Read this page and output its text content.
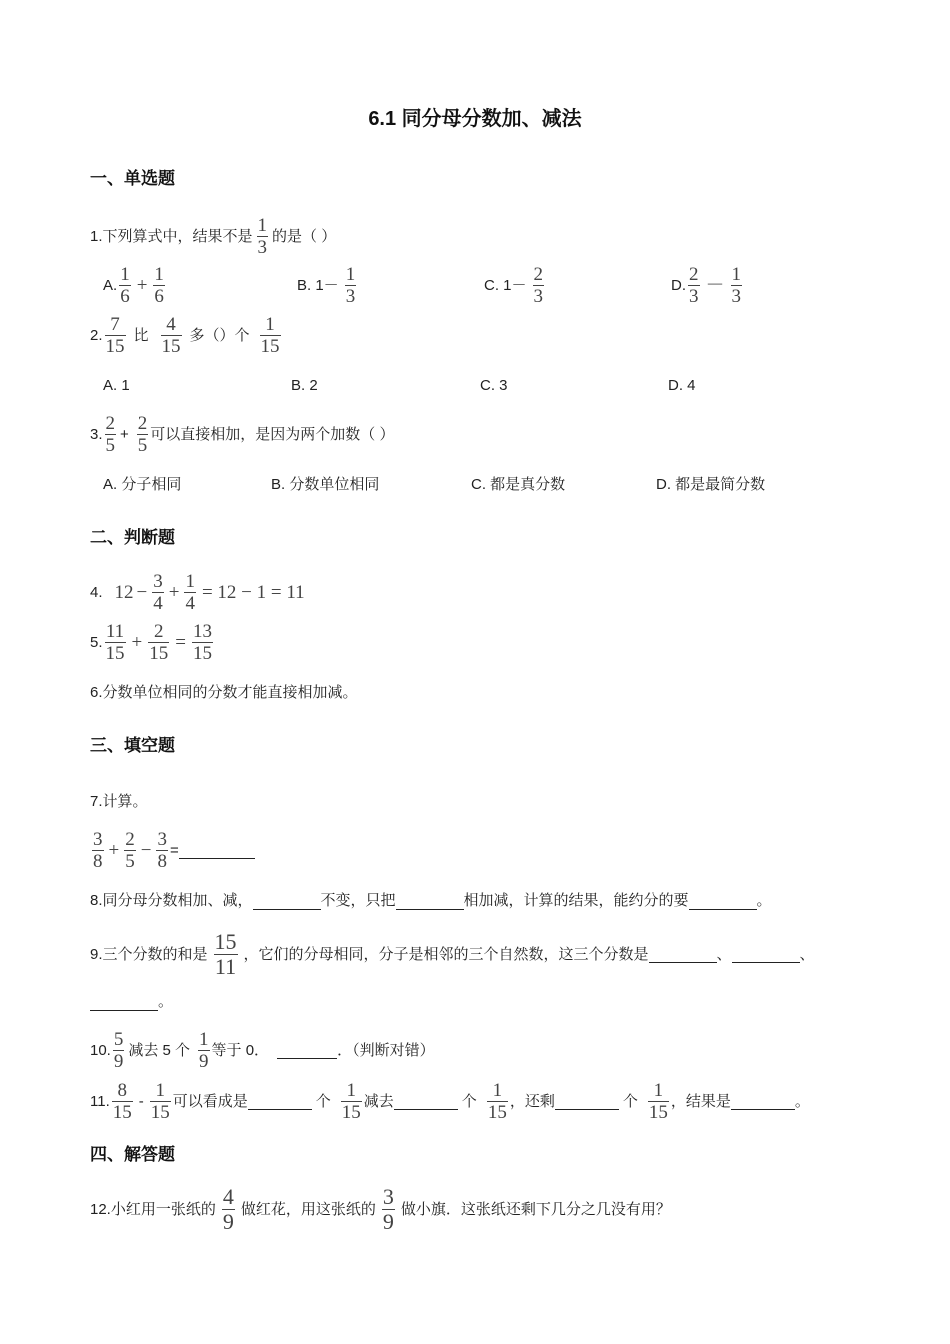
6.1 同分母分数加、减法
一、单选题
1. 下列算式中，结果不是 $\frac{1}{3}$ 的是（ ）
A. $\frac{1}{6} + \frac{1}{6}$	B. $1- \frac{1}{3}$	C. $1- \frac{2}{3}$	D. $\frac{2}{3} - \frac{1}{3}$
2. $\frac{7}{15}$ 比 $\frac{4}{15}$ 多（）个 $\frac{1}{15}$
A. 1	B. 2	C. 3	D. 4
3. $\frac{2}{5} + \frac{2}{5}$ 可以直接相加，是因为两个加数（ ）
A. 分子相同	B. 分数单位相同	C. 都是真分数	D. 都是最简分数
二、判断题
4. $12 - \frac{3}{4} + \frac{1}{4} = 12 - 1 = 11$
5. $\frac{11}{15} + \frac{2}{15} = \frac{13}{15}$
6.分数单位相同的分数才能直接相加减。
三、填空题
7.计算。
$\frac{3}{8} + \frac{2}{5} - \frac{3}{8}$ =
8.同分母分数相加、减，	不变，只把	相加减，计算的结果，能约分的要	。
9.三个分数的和是 $\frac{15}{11}$ ，它们的分母相同，分子是相邻的三个自然数，这三个分数是	、	、
。
10. $\frac{5}{9}$ 减去 5 个 $\frac{1}{9}$ 等于 0．	．（判断对错）
11. $\frac{8}{15} - \frac{1}{15}$ 可以看成是	个 $\frac{1}{15}$ 减去	个 $\frac{1}{15}$ ，还剩	个 $\frac{1}{15}$ ，结果是	。
四、解答题
12.小红用一张纸的 $\frac{4}{9}$ 做红花，用这张纸的 $\frac{3}{9}$ 做小旗．这张纸还剩下几分之几没有用？
